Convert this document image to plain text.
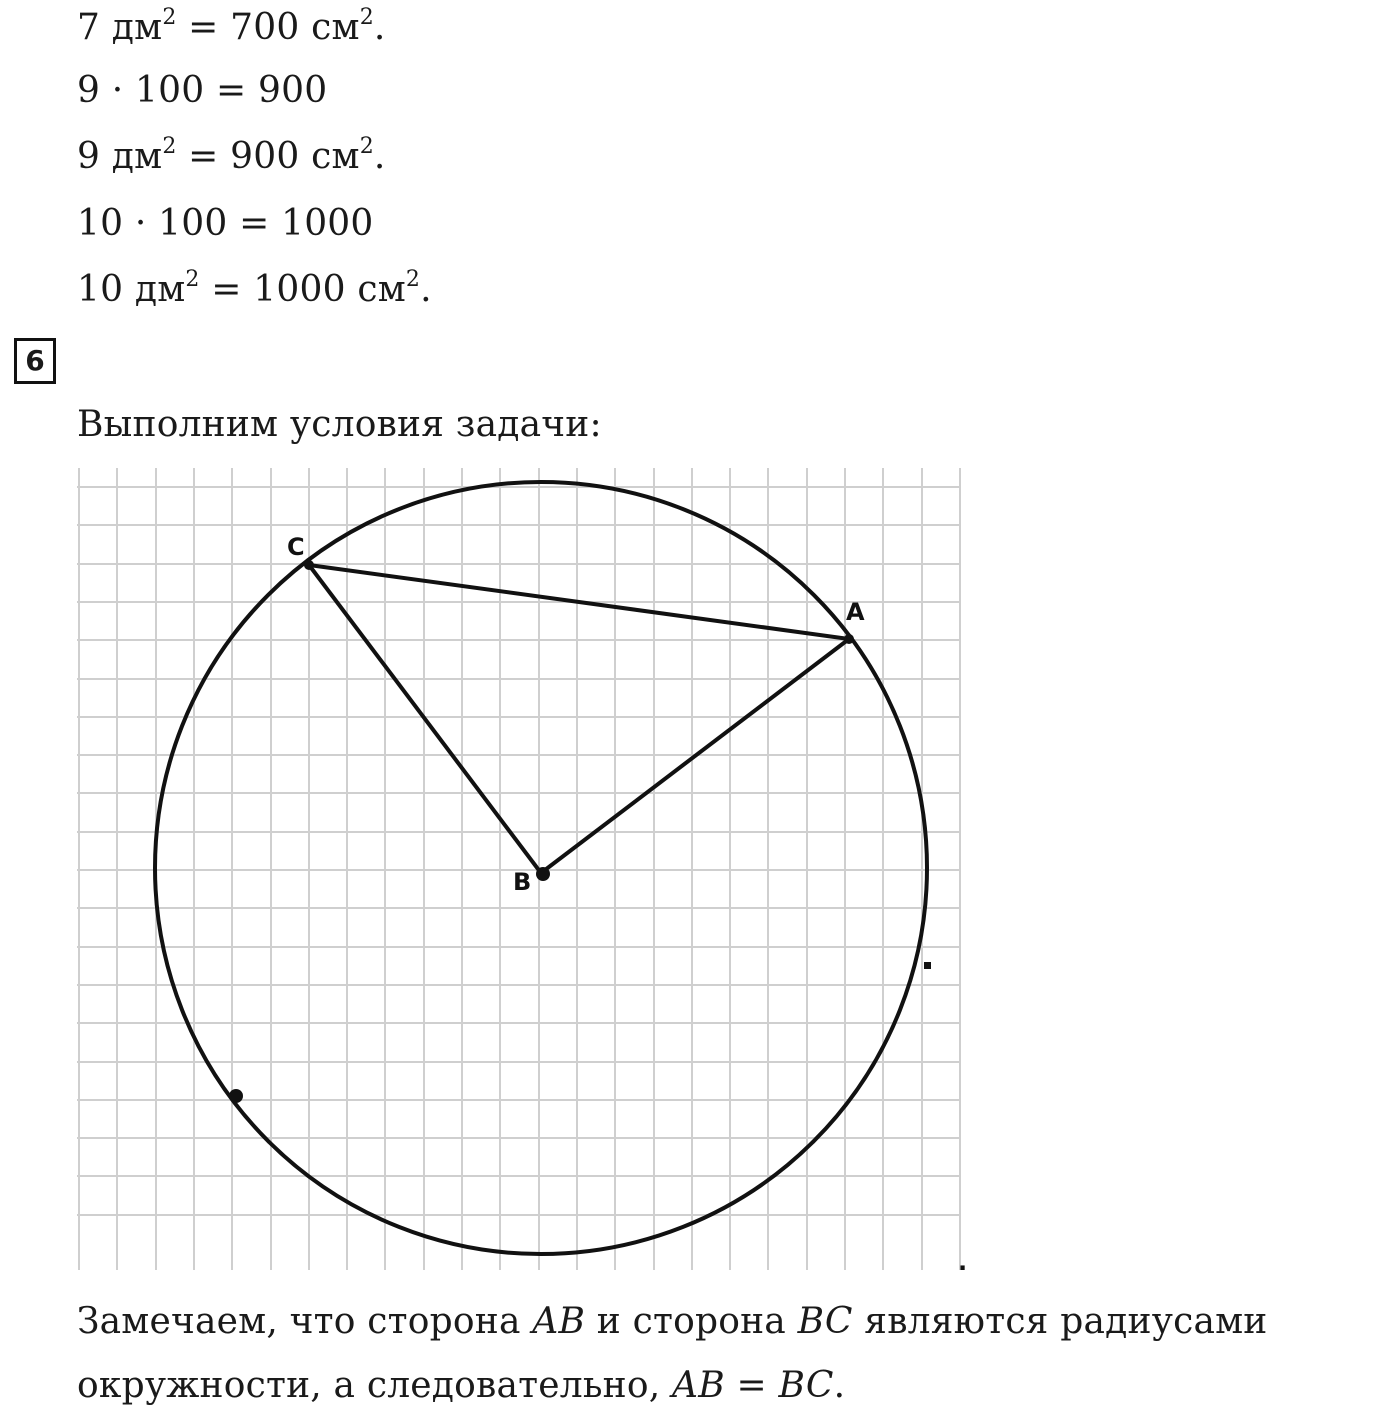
7 $дм^2 = 700$ $см^2$.
9 · 100 = 900
9 $дм^2 = 900$ $см^2$.
10 · 100 = 1000
10 $дм^2 = 1000$ $см^2$.
6
Выполним условия задачи:
C
A
B
.
Замечаем, что сторона AB и сторона BC являются радиусами
окружности, а следовательно, AB = BC.
